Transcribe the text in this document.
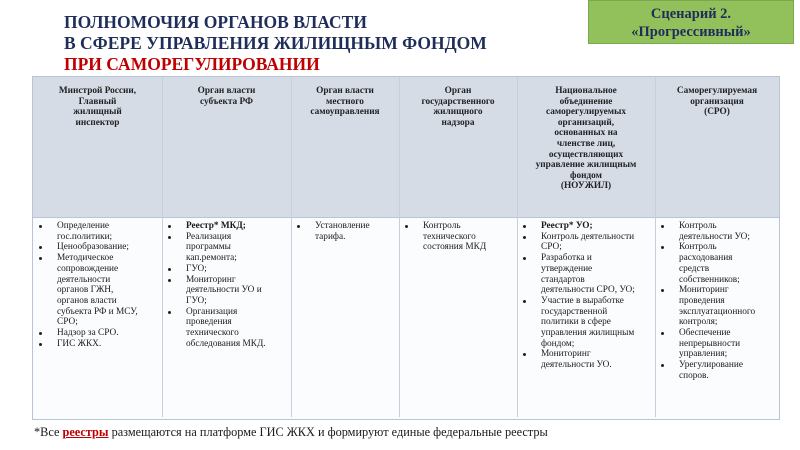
ПОЛНОМОЧИЯ ОРГАНОВ ВЛАСТИ
В СФЕРЕ УПРАВЛЕНИЯ ЖИЛИЩНЫМ ФОНДОМ
ПРИ САМОРЕГУЛИРОВАНИИ
Сценарий 2.
«Прогрессивный»
Минстрой России,
Главный
жилищный
инспектор
Орган власти
субъекта РФ
Орган власти
местного
самоуправления
Орган
государственного
жилищного
надзора
Национальное
объединение
саморегулируемых
организаций,
основанных на
членстве лиц,
осуществляющих
управление жилищным
фондом
(НОУЖИЛ)
Саморегулируемая
организация
(СРО)
Определение
гос.политики;
Ценообразование;
Методическое
сопровождение
деятельности
органов ГЖН,
органов власти
субъекта РФ и МСУ,
СРО;
Надзор за СРО.
ГИС ЖКХ.
Реестр* МКД;
Реализация
программы
кап.ремонта;
ГУО;
Мониторинг
деятельности УО и
ГУО;
Организация
проведения
технического
обследования МКД.
Установление
тарифа.
Контроль
технического
состояния МКД
Реестр* УО;
Контроль деятельности
СРО;
Разработка и
утверждение
стандартов
деятельности СРО, УО;
Участие в выработке
государственной
политики в сфере
управления жилищным
фондом;
Мониторинг
деятельности УО.
Контроль
деятельности УО;
Контроль
расходования
средств
собственников;
Мониторинг
проведения
эксплуатационного
контроля;
Обеспечение
непрерывности
управления;
Урегулирование
споров.
*Все реестры размещаются на платформе ГИС ЖКХ и формируют единые федеральные реестры
